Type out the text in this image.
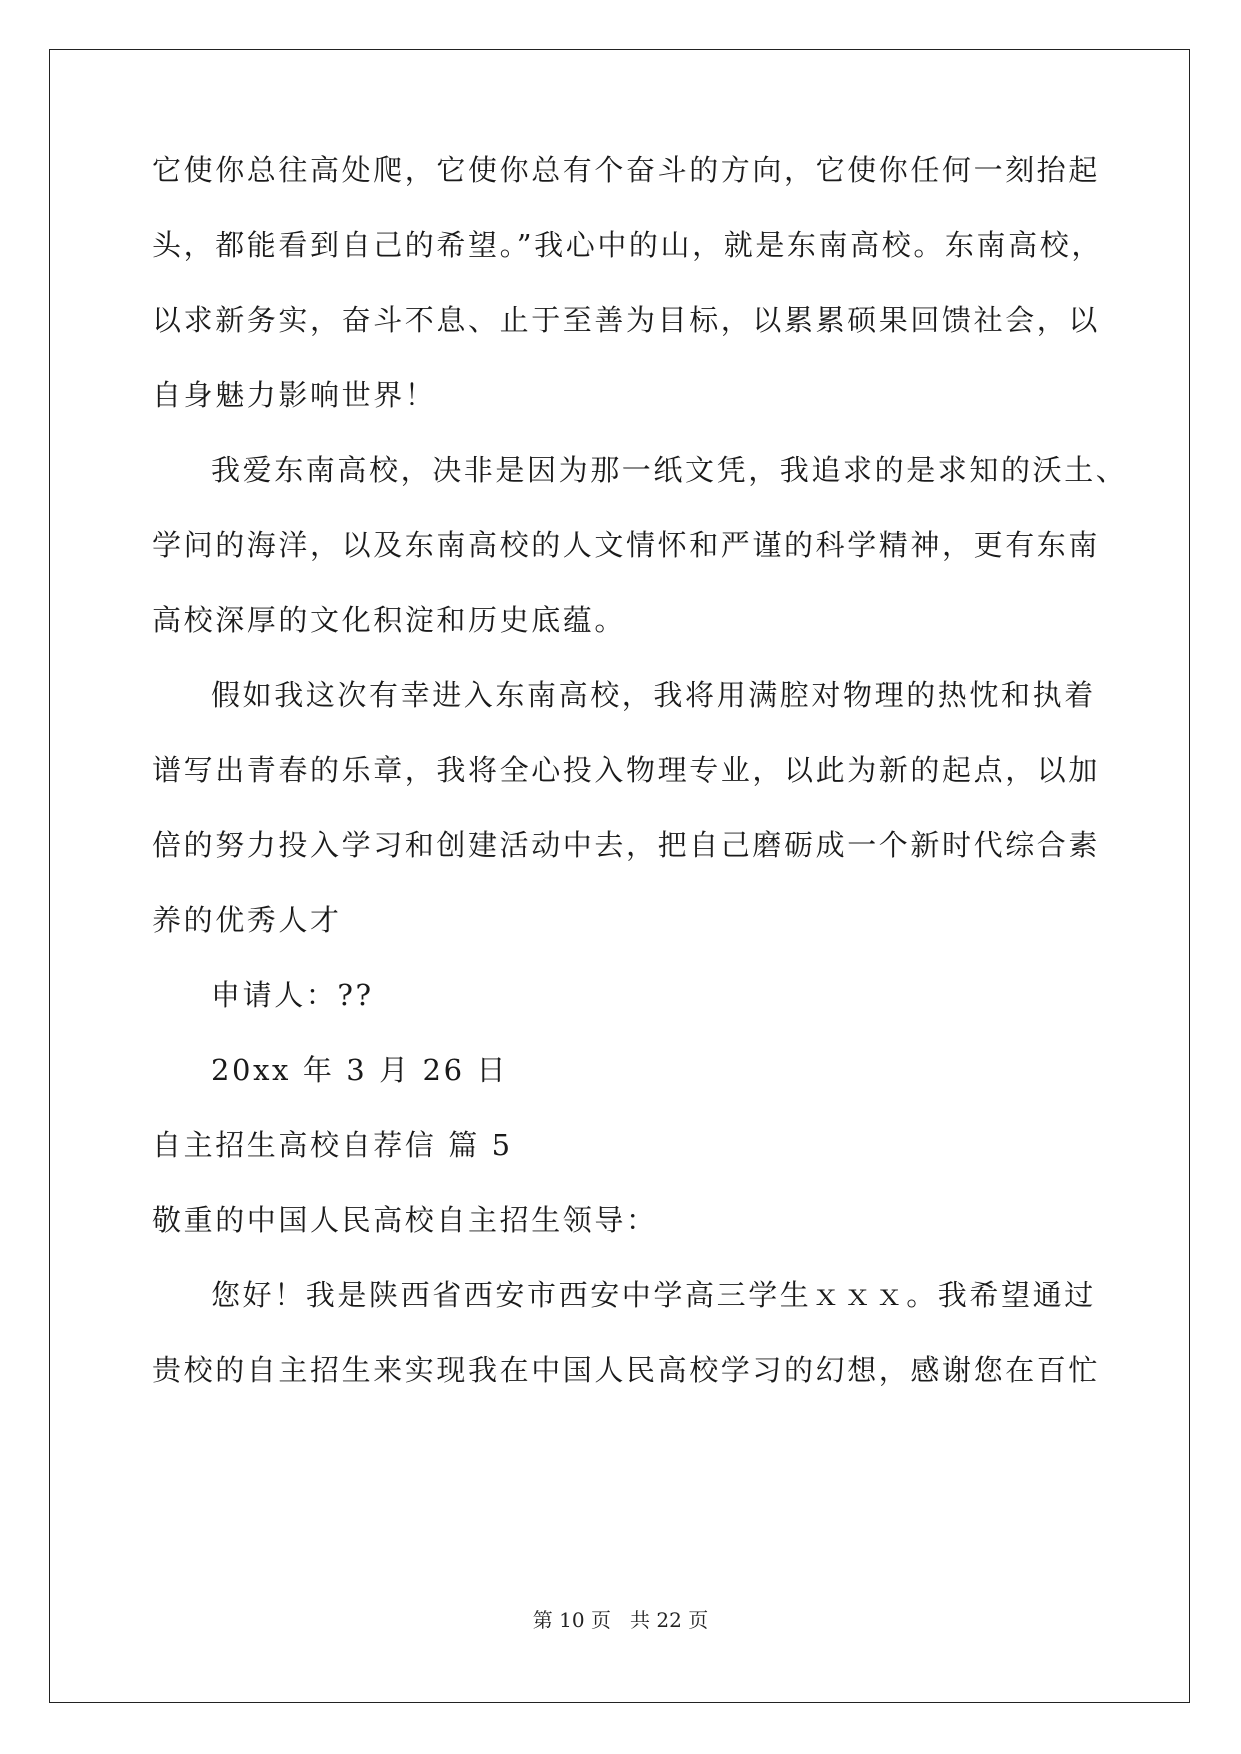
它使你总往高处爬，它使你总有个奋斗的方向，它使你任何一刻抬起
头，都能看到自己的希望。”我心中的山，就是东南高校。东南高校，
以求新务实，奋斗不息、止于至善为目标，以累累硕果回馈社会，以
自身魅力影响世界！
我爱东南高校，决非是因为那一纸文凭，我追求的是求知的沃土、
学问的海洋，以及东南高校的人文情怀和严谨的科学精神，更有东南
高校深厚的文化积淀和历史底蕴。
假如我这次有幸进入东南高校，我将用满腔对物理的热忱和执着
谱写出青春的乐章，我将全心投入物理专业，以此为新的起点，以加
倍的努力投入学习和创建活动中去，把自己磨砺成一个新时代综合素
养的优秀人才
申请人：??
20xx 年 3 月 26 日
自主招生高校自荐信 篇 5
敬重的中国人民高校自主招生领导：
您好！我是陕西省西安市西安中学高三学生ｘｘｘ。我希望通过
贵校的自主招生来实现我在中国人民高校学习的幻想，感谢您在百忙
第 10 页   共 22 页
